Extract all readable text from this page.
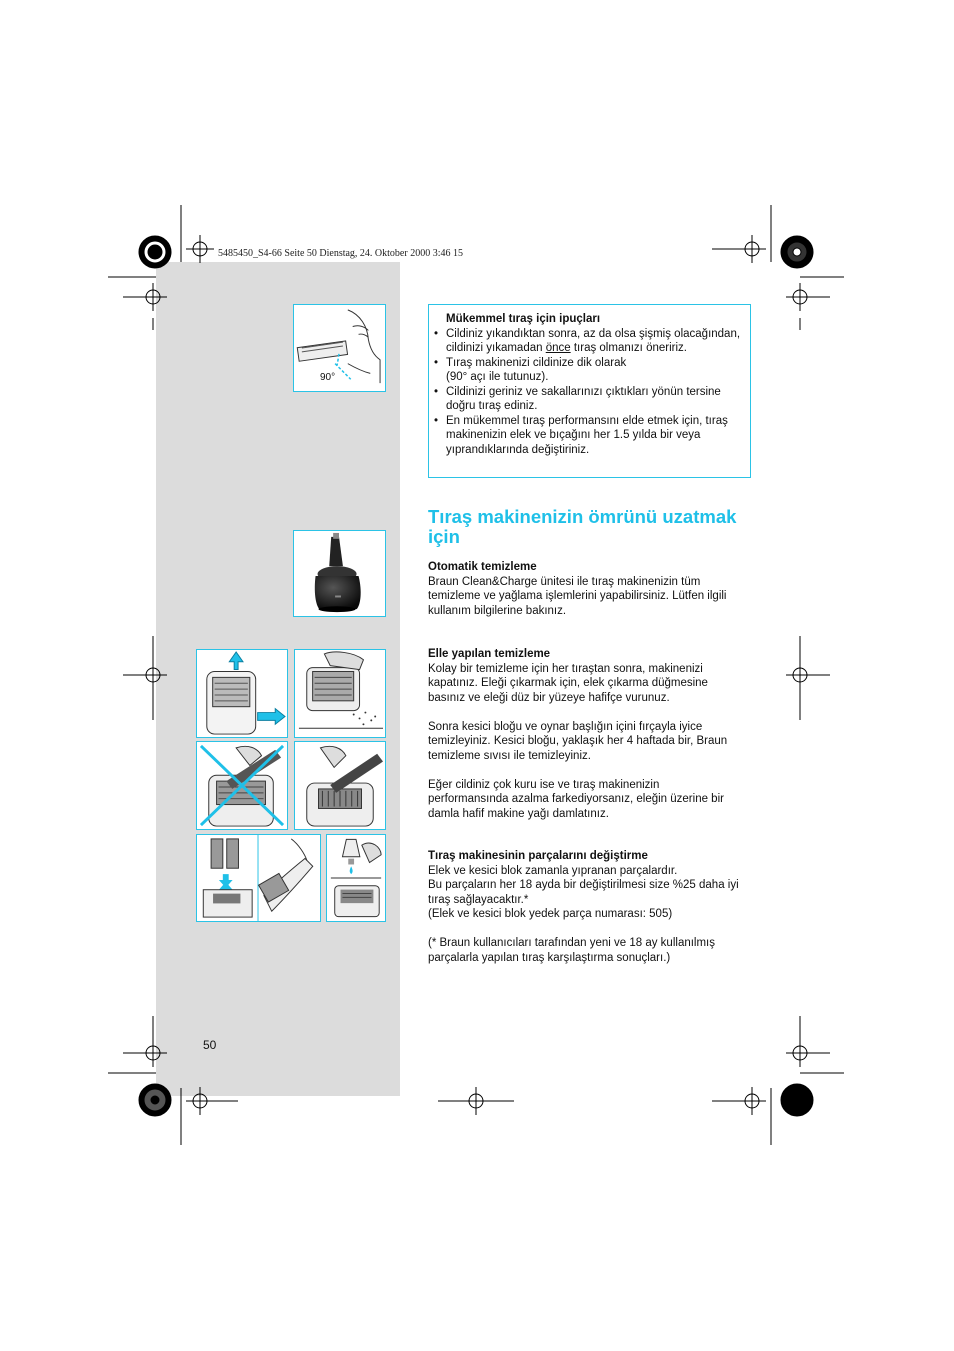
5485450_S4-66 Seite 50 Dienstag, 24. Oktober 2000 3:46 15
90°
Mükemmel tıraş için ipuçları
• Cildiniz yıkandıktan sonra, az da olsa şişmiş olacağından, cildinizi yıkamadan önce tıraş olmanızı öneririz.
• Tıraş makinenizi cildinize dik olarak
(90° açı ile tutunuz).
• Cildinizi geriniz ve sakallarınızı çıktıkları yönün tersine doğru tıraş ediniz.
• En mükemmel tıraş performansını elde etmek için, tıraş makinenizin elek ve bıçağını her 1.5 yılda bir veya yıprandıklarında değiştiriniz.
Tıraş makinenizin ömrünü uzatmak için
Otomatik temizleme

Braun Clean&Charge ünitesi ile tıraş makinenizin tüm temizleme ve yağlama işlemlerini yapabilirsiniz. Lütfen ilgili kullanım bilgilerine bakınız.

Elle yapılan temizleme

Kolay bir temizleme için her tıraştan sonra, makinenizi kapatınız. Eleği çıkarmak için, elek çıkarma düğmesine basınız ve eleği düz bir yüzeye hafifçe vurunuz.

Sonra kesici bloğu ve oynar başlığın içini fırçayla iyice temizleyiniz. Kesici bloğu, yaklaşık her 4 haftada bir, Braun temizleme sıvısı ile temizleyiniz.

Eğer cildiniz çok kuru ise ve tıraş makinenizin performansında azalma farkediyorsanız, eleğin üzerine bir damla hafif makine yağı damlatınız.

Tıraş makinesinin parçalarını değiştirme

Elek ve kesici blok zamanla yıpranan parçalardır.

Bu parçaların her 18 ayda bir değiştirilmesi size %25 daha iyi tıraş sağlayacaktır.*

(Elek ve kesici blok yedek parça numarası: 505)

(* Braun kullanıcıları tarafından yeni ve 18 ay kullanılmış parçalarla yapılan tıraş karşılaştırma sonuçları.)

50
